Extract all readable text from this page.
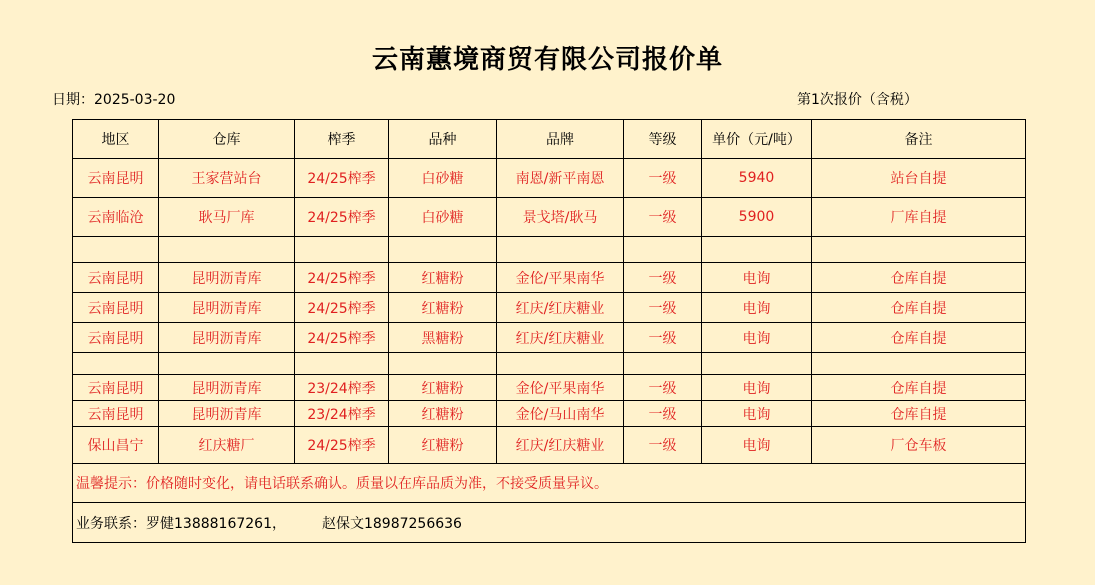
云南蕙境商贸有限公司报价单
日期：2025-03-20	第1次报价（含税）
地区	仓库	榨季	品种	品牌	等级	单价（元/吨）	备注
云南昆明	王家营站台	24/25榨季	白砂糖	南恩/新平南恩	一级	5940	站台自提
云南临沧	耿马厂库	24/25榨季	白砂糖	景戈塔/耿马	一级	5900	厂库自提

云南昆明	昆明沥青库	24/25榨季	红糖粉	金伦/平果南华	一级	电询	仓库自提
云南昆明	昆明沥青库	24/25榨季	红糖粉	红庆/红庆糖业	一级	电询	仓库自提
云南昆明	昆明沥青库	24/25榨季	黑糖粉	红庆/红庆糖业	一级	电询	仓库自提

云南昆明	昆明沥青库	23/24榨季	红糖粉	金伦/平果南华	一级	电询	仓库自提
云南昆明	昆明沥青库	23/24榨季	红糖粉	金伦/马山南华	一级	电询	仓库自提
保山昌宁	红庆糖厂	24/25榨季	红糖粉	红庆/红庆糖业	一级	电询	厂仓车板
温馨提示：价格随时变化，请电话联系确认。质量以在库品质为准，不接受质量异议。							
业务联系：罗健13888167261， 赵保文18987256636							
